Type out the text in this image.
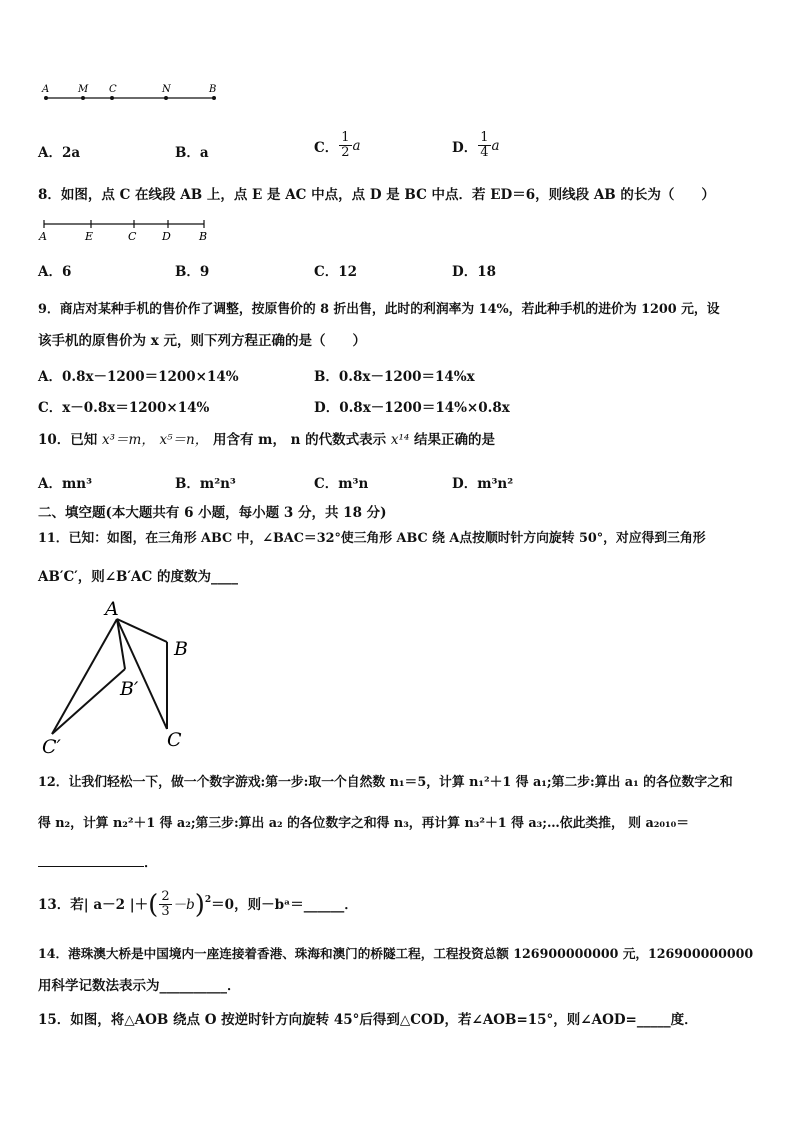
A	M C	N	B
A．2a	B．a	C． $\frac{1}{2}$ a	D． $\frac{1}{4}$ a
8．如图，点 C 在线段 AB 上，点 E 是 AC 中点，点 D 是 BC 中点．若 ED＝6，则线段 AB 的长为（　　）
A	E	C D	B
A．6	B．9	C．12	D．18
9．商店对某种手机的售价作了调整，按原售价的 8 折出售，此时的利润率为 14%，若此种手机的进价为 1200 元，设
该手机的原售价为 x 元，则下列方程正确的是（　　）
A．0.8x－1200＝1200×14%	B．0.8x－1200＝14%x
C．x－0.8x＝1200×14%	D．0.8x－1200＝14%×0.8x
10．已知 x³＝m， x⁵＝n， 用含有 m， n 的代数式表示 x¹⁴ 结果正确的是
A．mn³	B．m²n³	C．m³n	D．m³n²
二、填空题(本大题共有 6 小题，每小题 3 分，共 18 分)
11．已知：如图，在三角形 ABC 中，∠BAC＝32°使三角形 ABC 绕 A点按顺时针方向旋转 50°，对应得到三角形
AB′C′，则∠B′AC 的度数为____
A
B
B′
C′	C
12．让我们轻松一下，做一个数字游戏:第一步:取一个自然数 n₁＝5，计算 n₁²＋1 得 a₁;第二步:算出 a₁ 的各位数字之和
得 n₂，计算 n₂²＋1 得 a₂;第三步:算出 a₂ 的各位数字之和得 n₃，再计算 n₃²＋1 得 a₃;…依此类推， 则 a₂₀₁₀＝
．
13．若| a－2 |＋ ( $\frac{2}{3} -b$ )$^2$ ＝0，则－bᵃ＝______．
14．港珠澳大桥是中国境内一座连接着香港、珠海和澳门的桥隧工程，工程投资总额 126900000000 元，126900000000
用科学记数法表示为__________．
15．如图，将△AOB 绕点 O 按逆时针方向旋转 45°后得到△COD，若∠AOB=15°，则∠AOD=_____度．
